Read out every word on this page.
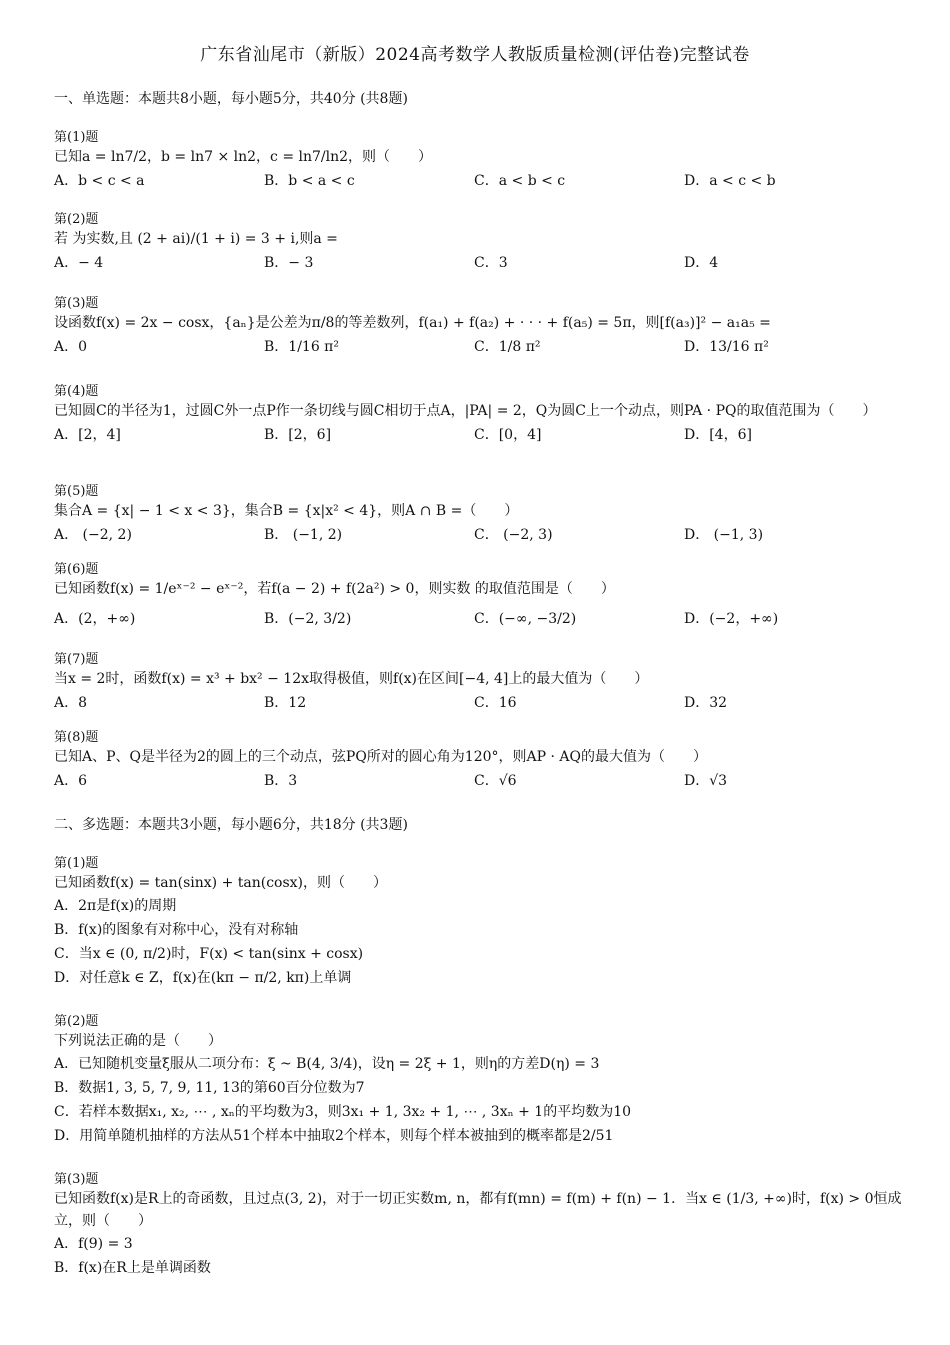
广东省汕尾市（新版）2024高考数学人教版质量检测(评估卷)完整试卷
一、单选题：本题共8小题，每小题5分，共40分 (共8题)
第(1)题
已知a = ln7/2，b = ln7 × ln2，c = ln7/ln2，则（　　）
A．b < c < a	B．b < a < c	C．a < b < c	D．a < c < b
第(2)题
若 为实数,且 (2 + ai)/(1 + i) = 3 + i,则a =
A．− 4	B．− 3	C．3	D．4
第(3)题
设函数f(x) = 2x − cosx，{aₙ}是公差为π/8的等差数列，f(a₁) + f(a₂) + · · · + f(a₅) = 5π，则[f(a₃)]² − a₁a₅ =
A．0	B．1/16 π²	C．1/8 π²	D．13/16 π²
第(4)题
已知圆C的半径为1，过圆C外一点P作一条切线与圆C相切于点A，|PA| = 2，Q为圆C上一个动点，则PA · PQ的取值范围为（　　）
A．[2，4]	B．[2，6]	C．[0，4]	D．[4，6]
第(5)题
集合A = {x| − 1 < x < 3}，集合B = {x|x² < 4}，则A ∩ B =（　　）
A． (−2, 2)	B． (−1, 2)	C． (−2, 3)	D． (−1, 3)
第(6)题
已知函数f(x) = 1/eˣ⁻² − eˣ⁻²，若f(a − 2) + f(2a²) > 0，则实数 的取值范围是（　　）
A．(2，+∞)	B．(−2, 3/2)	C．(−∞, −3/2)	D．(−2，+∞)
第(7)题
当x = 2时，函数f(x) = x³ + bx² − 12x取得极值，则f(x)在区间[−4, 4]上的最大值为（　　）
A．8	B．12	C．16	D．32
第(8)题
已知A、P、Q是半径为2的圆上的三个动点，弦PQ所对的圆心角为120°，则AP · AQ的最大值为（　　）
A．6	B．3	C．√6	D．√3
二、多选题：本题共3小题，每小题6分，共18分 (共3题)
第(1)题
已知函数f(x) = tan(sinx) + tan(cosx)，则（　　）
A．2π是f(x)的周期
B．f(x)的图象有对称中心，没有对称轴
C．当x ∈ (0, π/2)时，F(x) < tan(sinx + cosx)
D．对任意k ∈ Z，f(x)在(kπ − π/2, kπ)上单调
第(2)题
下列说法正确的是（　　）
A．已知随机变量ξ服从二项分布：ξ ~ B(4, 3/4)，设η = 2ξ + 1，则η的方差D(η) = 3
B．数据1, 3, 5, 7, 9, 11, 13的第60百分位数为7
C．若样本数据x₁, x₂, ⋯ , xₙ的平均数为3，则3x₁ + 1, 3x₂ + 1, ⋯ , 3xₙ + 1的平均数为10
D．用简单随机抽样的方法从51个样本中抽取2个样本，则每个样本被抽到的概率都是2/51
第(3)题
已知函数f(x)是R上的奇函数，且过点(3, 2)，对于一切正实数m, n，都有f(mn) = f(m) + f(n) − 1．当x ∈ (1/3, +∞)时，f(x) > 0恒成立，则（　　）
A．f(9) = 3
B．f(x)在R上是单调函数
